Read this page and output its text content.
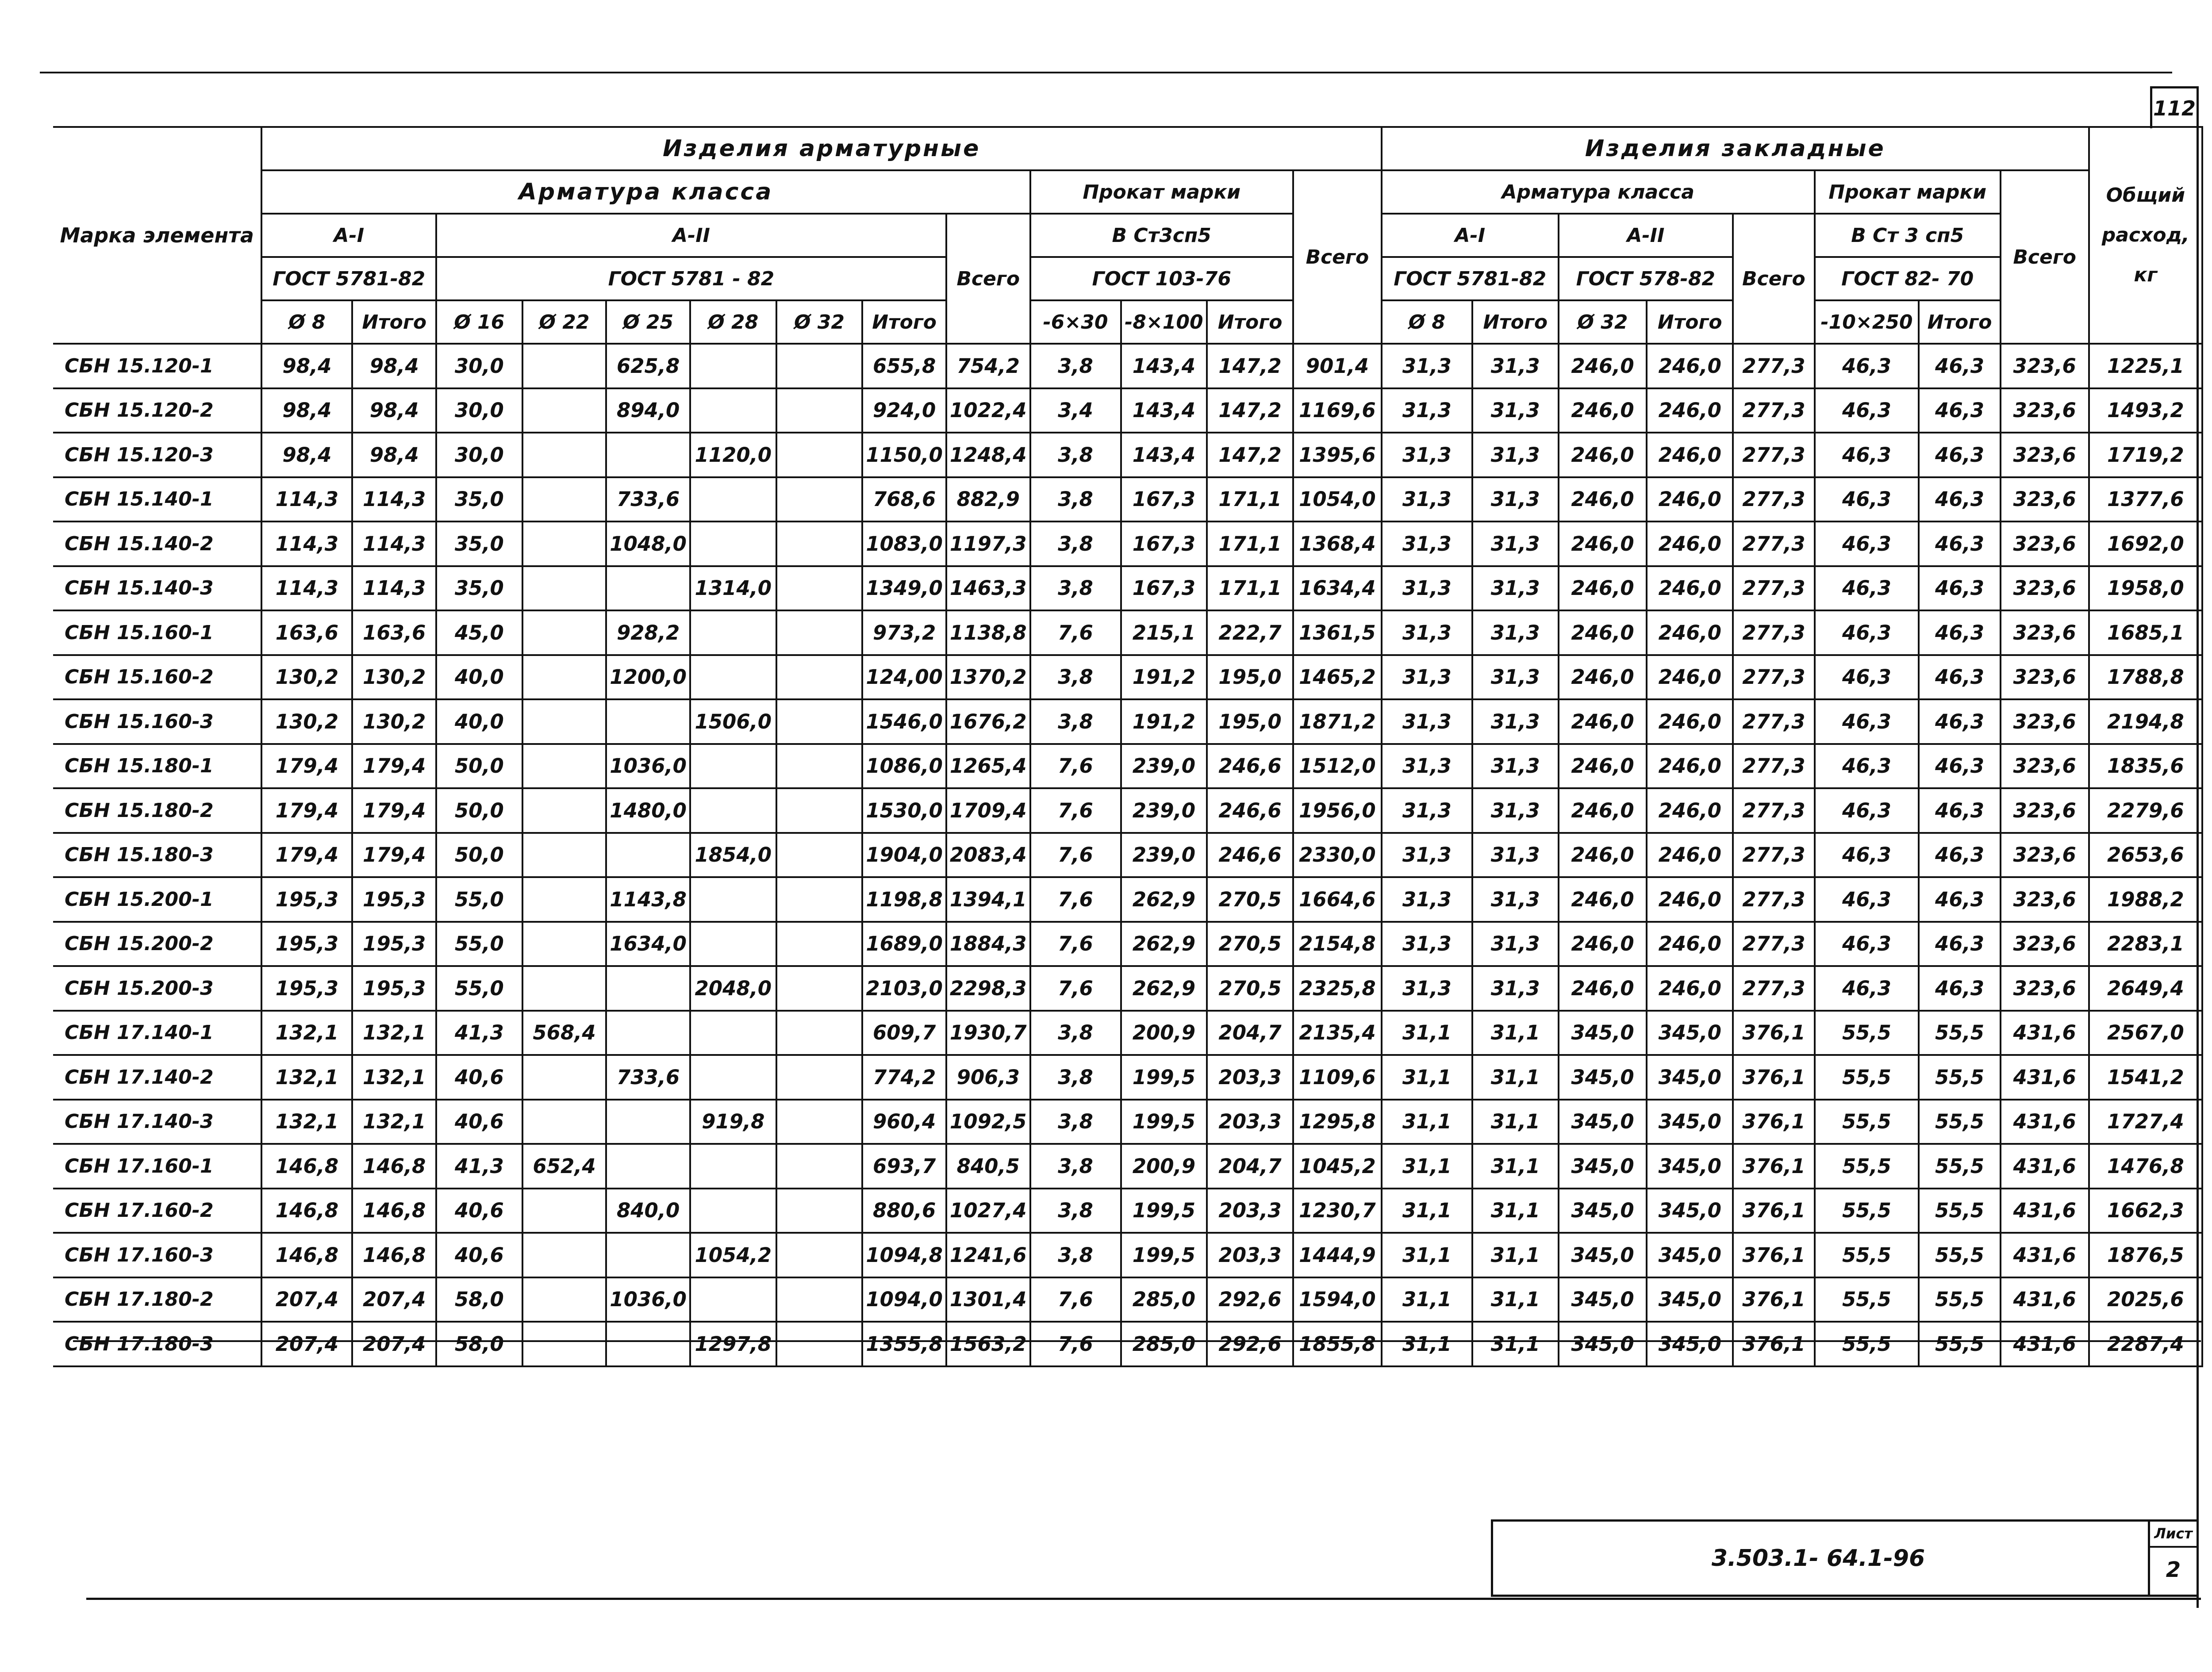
112
Марка элемента	Изделия арматурные													Изделия закладные								Общий расход, кг
	Арматура класса									Прокат марки			Всего	Арматура класса					Прокат марки		Всего	
	А-I		А-II						Всего	В Ст3сп5				А-I		А-II		Всего	В Ст 3 сп5			
	ГОСТ 5781-82		ГОСТ 5781 - 82							ГОСТ 103-76				ГОСТ 5781-82		ГОСТ 578-82			ГОСТ 82- 70			
	Ø 8	Итого	Ø 16	Ø 22	Ø 25	Ø 28	Ø 32	Итого		-6×30	-8×100	Итого		Ø 8	Итого	Ø 32	Итого		-10×250	Итого		
СБН 15.120-1	98,4	98,4	30,0		625,8			655,8	754,2	3,8	143,4	147,2	901,4	31,3	31,3	246,0	246,0	277,3	46,3	46,3	323,6	1225,1
СБН 15.120-2	98,4	98,4	30,0		894,0			924,0	1022,4	3,4	143,4	147,2	1169,6	31,3	31,3	246,0	246,0	277,3	46,3	46,3	323,6	1493,2
СБН 15.120-3	98,4	98,4	30,0			1120,0		1150,0	1248,4	3,8	143,4	147,2	1395,6	31,3	31,3	246,0	246,0	277,3	46,3	46,3	323,6	1719,2
СБН 15.140-1	114,3	114,3	35,0		733,6			768,6	882,9	3,8	167,3	171,1	1054,0	31,3	31,3	246,0	246,0	277,3	46,3	46,3	323,6	1377,6
СБН 15.140-2	114,3	114,3	35,0		1048,0			1083,0	1197,3	3,8	167,3	171,1	1368,4	31,3	31,3	246,0	246,0	277,3	46,3	46,3	323,6	1692,0
СБН 15.140-3	114,3	114,3	35,0			1314,0		1349,0	1463,3	3,8	167,3	171,1	1634,4	31,3	31,3	246,0	246,0	277,3	46,3	46,3	323,6	1958,0
СБН 15.160-1	163,6	163,6	45,0		928,2			973,2	1138,8	7,6	215,1	222,7	1361,5	31,3	31,3	246,0	246,0	277,3	46,3	46,3	323,6	1685,1
СБН 15.160-2	130,2	130,2	40,0		1200,0			124,00	1370,2	3,8	191,2	195,0	1465,2	31,3	31,3	246,0	246,0	277,3	46,3	46,3	323,6	1788,8
СБН 15.160-3	130,2	130,2	40,0			1506,0		1546,0	1676,2	3,8	191,2	195,0	1871,2	31,3	31,3	246,0	246,0	277,3	46,3	46,3	323,6	2194,8
СБН 15.180-1	179,4	179,4	50,0		1036,0			1086,0	1265,4	7,6	239,0	246,6	1512,0	31,3	31,3	246,0	246,0	277,3	46,3	46,3	323,6	1835,6
СБН 15.180-2	179,4	179,4	50,0		1480,0			1530,0	1709,4	7,6	239,0	246,6	1956,0	31,3	31,3	246,0	246,0	277,3	46,3	46,3	323,6	2279,6
СБН 15.180-3	179,4	179,4	50,0			1854,0		1904,0	2083,4	7,6	239,0	246,6	2330,0	31,3	31,3	246,0	246,0	277,3	46,3	46,3	323,6	2653,6
СБН 15.200-1	195,3	195,3	55,0		1143,8			1198,8	1394,1	7,6	262,9	270,5	1664,6	31,3	31,3	246,0	246,0	277,3	46,3	46,3	323,6	1988,2
СБН 15.200-2	195,3	195,3	55,0		1634,0			1689,0	1884,3	7,6	262,9	270,5	2154,8	31,3	31,3	246,0	246,0	277,3	46,3	46,3	323,6	2283,1
СБН 15.200-3	195,3	195,3	55,0			2048,0		2103,0	2298,3	7,6	262,9	270,5	2325,8	31,3	31,3	246,0	246,0	277,3	46,3	46,3	323,6	2649,4
СБН 17.140-1	132,1	132,1	41,3	568,4				609,7	1930,7	3,8	200,9	204,7	2135,4	31,1	31,1	345,0	345,0	376,1	55,5	55,5	431,6	2567,0
СБН 17.140-2	132,1	132,1	40,6		733,6			774,2	906,3	3,8	199,5	203,3	1109,6	31,1	31,1	345,0	345,0	376,1	55,5	55,5	431,6	1541,2
СБН 17.140-3	132,1	132,1	40,6			919,8		960,4	1092,5	3,8	199,5	203,3	1295,8	31,1	31,1	345,0	345,0	376,1	55,5	55,5	431,6	1727,4
СБН 17.160-1	146,8	146,8	41,3	652,4				693,7	840,5	3,8	200,9	204,7	1045,2	31,1	31,1	345,0	345,0	376,1	55,5	55,5	431,6	1476,8
СБН 17.160-2	146,8	146,8	40,6		840,0			880,6	1027,4	3,8	199,5	203,3	1230,7	31,1	31,1	345,0	345,0	376,1	55,5	55,5	431,6	1662,3
СБН 17.160-3	146,8	146,8	40,6			1054,2		1094,8	1241,6	3,8	199,5	203,3	1444,9	31,1	31,1	345,0	345,0	376,1	55,5	55,5	431,6	1876,5
СБН 17.180-2	207,4	207,4	58,0		1036,0			1094,0	1301,4	7,6	285,0	292,6	1594,0	31,1	31,1	345,0	345,0	376,1	55,5	55,5	431,6	2025,6
СБН 17.180-3	207,4	207,4	58,0			1297,8		1355,8	1563,2	7,6	285,0	292,6	1855,8	31,1	31,1	345,0	345,0	376,1	55,5	55,5	431,6	2287,4
3.503.1- 64.1-96
Лист
2
